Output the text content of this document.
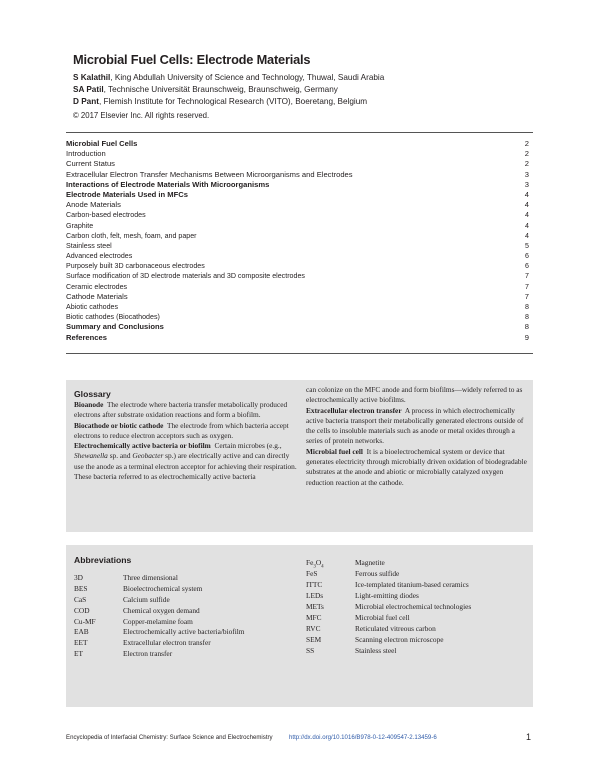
Microbial Fuel Cells: Electrode Materials
S Kalathil, King Abdullah University of Science and Technology, Thuwal, Saudi Arabia
SA Patil, Technische Universität Braunschweig, Braunschweig, Germany
D Pant, Flemish Institute for Technological Research (VITO), Boeretang, Belgium
© 2017 Elsevier Inc. All rights reserved.
Microbial Fuel Cells	2
Introduction	2
Current Status	2
Extracellular Electron Transfer Mechanisms Between Microorganisms and Electrodes	3
Interactions of Electrode Materials With Microorganisms	3
Electrode Materials Used in MFCs	4
Anode Materials	4
Carbon-based electrodes	4
Graphite	4
Carbon cloth, felt, mesh, foam, and paper	4
Stainless steel	5
Advanced electrodes	6
Purposely built 3D carbonaceous electrodes	6
Surface modification of 3D electrode materials and 3D composite electrodes	7
Ceramic electrodes	7
Cathode Materials	7
Abiotic cathodes	8
Biotic cathodes (Biocathodes)	8
Summary and Conclusions	8
References	9
Glossary

Bioanode The electrode where bacteria transfer metabolically produced electrons after substrate oxidation reactions and form a biofilm.

Biocathode or biotic cathode The electrode from which bacteria accept electrons to reduce electron acceptors such as oxygen.

Electrochemically active bacteria or biofilm Certain microbes (e.g., Shewanella sp. and Geobacter sp.) are electrically active and can directly use the anode as a terminal electron acceptor for achieving their respiration. These bacteria referred to as electrochemically active bacteria

can colonize on the MFC anode and form biofilms—widely referred to as electrochemically active biofilms.

Extracellular electron transfer A process in which electrochemically active bacteria transport their metabolically generated electrons outside of the cells to insoluble materials such as anode or metal oxides through a series of protein networks.

Microbial fuel cell It is a bioelectrochemical system or device that generates electricity through microbially driven oxidation of biodegradable substrates at the anode and abiotic or microbially catalyzed oxygen reduction reaction at the cathode.

Abbreviations
3D	Three dimensional
BES	Bioelectrochemical system
CaS	Calcium sulfide
COD	Chemical oxygen demand
Cu-MF	Copper-melamine foam
EAB	Electrochemically active bacteria/biofilm
EET	Extracellular electron transfer
ET	Electron transfer
$Fe_3O_4$	Magnetite
FeS	Ferrous sulfide
ITTC	Ice-templated titanium-based ceramics
LEDs	Light-emitting diodes
METs	Microbial electrochemical technologies
MFC	Microbial fuel cell
RVC	Reticulated vitreous carbon
SEM	Scanning electron microscope
SS	Stainless steel
Encyclopedia of Interfacial Chemistry: Surface Science and Electrochemistry	http://dx.doi.org/10.1016/B978-0-12-409547-2.13459-6	1
